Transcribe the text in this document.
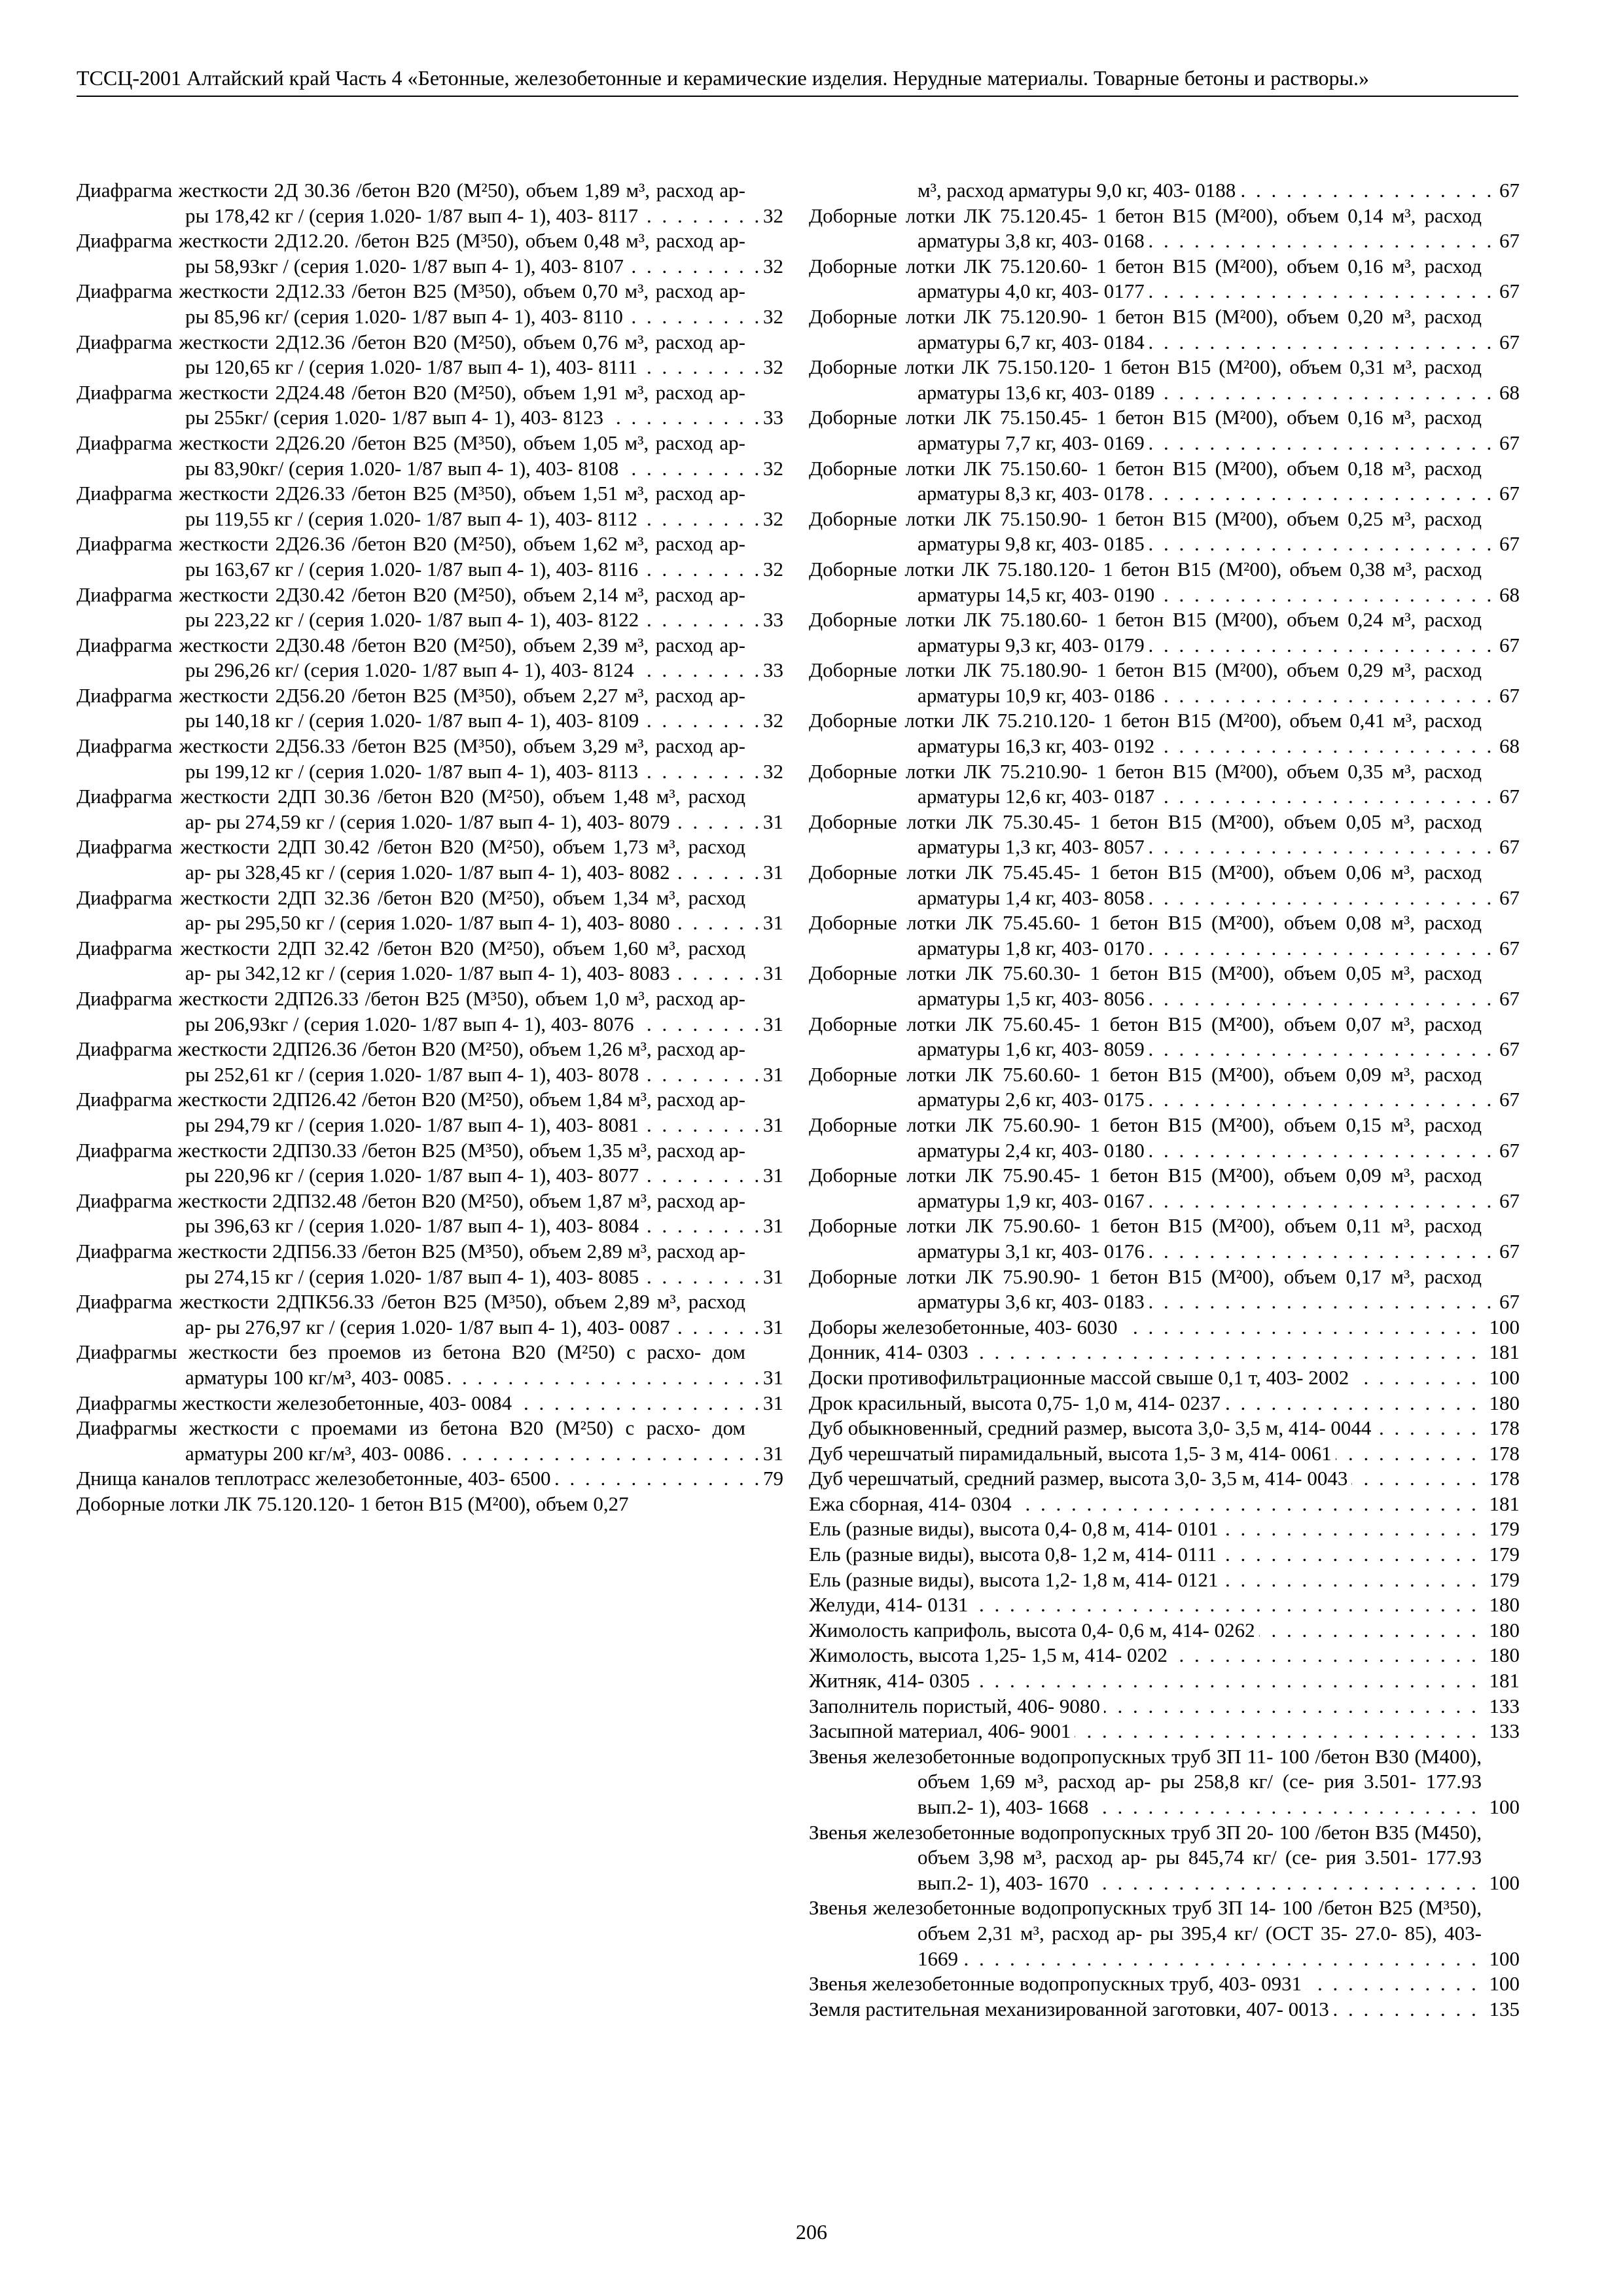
ТССЦ-2001 Алтайский край Часть 4 «Бетонные, железобетонные и керамические изделия. Нерудные материалы. Товарные бетоны и растворы.»
Диафрагма жесткости 2Д 30.36 /бетон В20 (М²50), объем 1,89 м³, расход ар- ры 178,42 кг / (серия 1.020- 1/87 вып 4- 1), 403- 8117 . . .	32
Диафрагма жесткости 2Д12.20. /бетон В25 (М³50), объем 0,48 м³, расход ар- ры 58,93кг / (серия 1.020- 1/87 вып 4- 1), 403- 8107 . . .	32
Диафрагма жесткости 2Д12.33 /бетон В25 (М³50), объем 0,70 м³, расход ар- ры 85,96 кг/ (серия 1.020- 1/87 вып 4- 1), 403- 8110 . . .	32
Диафрагма жесткости 2Д12.36 /бетон В20 (М²50), объем 0,76 м³, расход ар- ры 120,65 кг / (серия 1.020- 1/87 вып 4- 1), 403- 8111 . . .	32
Диафрагма жесткости 2Д24.48 /бетон В20 (М²50), объем 1,91 м³, расход ар- ры 255кг/ (серия 1.020- 1/87 вып 4- 1), 403- 8123 . . .	33
Диафрагма жесткости 2Д26.20 /бетон В25 (М³50), объем 1,05 м³, расход ар- ры 83,90кг/ (серия 1.020- 1/87 вып 4- 1), 403- 8108 . . .	32
Диафрагма жесткости 2Д26.33 /бетон В25 (М³50), объем 1,51 м³, расход ар- ры 119,55 кг / (серия 1.020- 1/87 вып 4- 1), 403- 8112 . . .	32
Диафрагма жесткости 2Д26.36 /бетон В20 (М²50), объем 1,62 м³, расход ар- ры 163,67 кг / (серия 1.020- 1/87 вып 4- 1), 403- 8116 . . .	32
Диафрагма жесткости 2Д30.42 /бетон В20 (М²50), объем 2,14 м³, расход ар- ры 223,22 кг / (серия 1.020- 1/87 вып 4- 1), 403- 8122 . . .	33
Диафрагма жесткости 2Д30.48 /бетон В20 (М²50), объем 2,39 м³, расход ар- ры 296,26 кг/ (серия 1.020- 1/87 вып 4- 1), 403- 8124 . . .	33
Диафрагма жесткости 2Д56.20 /бетон В25 (М³50), объем 2,27 м³, расход ар- ры 140,18 кг / (серия 1.020- 1/87 вып 4- 1), 403- 8109 . . .	32
Диафрагма жесткости 2Д56.33 /бетон В25 (М³50), объем 3,29 м³, расход ар- ры 199,12 кг / (серия 1.020- 1/87 вып 4- 1), 403- 8113 . . .	32
Диафрагма жесткости 2ДП 30.36 /бетон В20 (М²50), объем 1,48 м³, расход ар- ры 274,59 кг / (серия 1.020- 1/87 вып 4- 1), 403- 8079 . . .	31
Диафрагма жесткости 2ДП 30.42 /бетон В20 (М²50), объем 1,73 м³, расход ар- ры 328,45 кг / (серия 1.020- 1/87 вып 4- 1), 403- 8082 . . .	31
Диафрагма жесткости 2ДП 32.36 /бетон В20 (М²50), объем 1,34 м³, расход ар- ры 295,50 кг / (серия 1.020- 1/87 вып 4- 1), 403- 8080 . . .	31
Диафрагма жесткости 2ДП 32.42 /бетон В20 (М²50), объем 1,60 м³, расход ар- ры 342,12 кг / (серия 1.020- 1/87 вып 4- 1), 403- 8083 . . .	31
Диафрагма жесткости 2ДП26.33 /бетон В25 (М³50), объем 1,0 м³, расход ар- ры 206,93кг / (серия 1.020- 1/87 вып 4- 1), 403- 8076 . . .	31
Диафрагма жесткости 2ДП26.36 /бетон В20 (М²50), объем 1,26 м³, расход ар- ры 252,61 кг / (серия 1.020- 1/87 вып 4- 1), 403- 8078 . . .	31
Диафрагма жесткости 2ДП26.42 /бетон В20 (М²50), объем 1,84 м³, расход ар- ры 294,79 кг / (серия 1.020- 1/87 вып 4- 1), 403- 8081 . . .	31
Диафрагма жесткости 2ДП30.33 /бетон В25 (М³50), объем 1,35 м³, расход ар- ры 220,96 кг / (серия 1.020- 1/87 вып 4- 1), 403- 8077 . . .	31
Диафрагма жесткости 2ДП32.48 /бетон В20 (М²50), объем 1,87 м³, расход ар- ры 396,63 кг / (серия 1.020- 1/87 вып 4- 1), 403- 8084 . . .	31
Диафрагма жесткости 2ДП56.33 /бетон В25 (М³50), объем 2,89 м³, расход ар- ры 274,15 кг / (серия 1.020- 1/87 вып 4- 1), 403- 8085 . . .	31
Диафрагма жесткости 2ДПК56.33 /бетон В25 (М³50), объем 2,89 м³, расход ар- ры 276,97 кг / (серия 1.020- 1/87 вып 4- 1), 403- 0087 . . .	31
Диафрагмы жесткости без проемов из бетона В20 (М²50) с расхо- дом арматуры 100 кг/м³, 403- 0085 . . .	31
Диафрагмы жесткости железобетонные, 403- 0084 . . .	31
Диафрагмы жесткости с проемами из бетона В20 (М²50) с расхо- дом арматуры 200 кг/м³, 403- 0086 . . .	31
Днища каналов теплотрасс железобетонные, 403- 6500 . . .	79
Доборные лотки ЛК 75.120.120- 1 бетон В15 (М²00), объем 0,27
м³, расход арматуры 9,0 кг, 403- 0188 . . .	67
Доборные лотки ЛК 75.120.45- 1 бетон В15 (М²00), объем 0,14 м³, расход арматуры 3,8 кг, 403- 0168 . . .	67
Доборные лотки ЛК 75.120.60- 1 бетон В15 (М²00), объем 0,16 м³, расход арматуры 4,0 кг, 403- 0177 . . .	67
Доборные лотки ЛК 75.120.90- 1 бетон В15 (М²00), объем 0,20 м³, расход арматуры 6,7 кг, 403- 0184 . . .	67
Доборные лотки ЛК 75.150.120- 1 бетон В15 (М²00), объем 0,31 м³, расход арматуры 13,6 кг, 403- 0189 . . .	68
Доборные лотки ЛК 75.150.45- 1 бетон В15 (М²00), объем 0,16 м³, расход арматуры 7,7 кг, 403- 0169 . . .	67
Доборные лотки ЛК 75.150.60- 1 бетон В15 (М²00), объем 0,18 м³, расход арматуры 8,3 кг, 403- 0178 . . .	67
Доборные лотки ЛК 75.150.90- 1 бетон В15 (М²00), объем 0,25 м³, расход арматуры 9,8 кг, 403- 0185 . . .	67
Доборные лотки ЛК 75.180.120- 1 бетон В15 (М²00), объем 0,38 м³, расход арматуры 14,5 кг, 403- 0190 . . .	68
Доборные лотки ЛК 75.180.60- 1 бетон В15 (М²00), объем 0,24 м³, расход арматуры 9,3 кг, 403- 0179 . . .	67
Доборные лотки ЛК 75.180.90- 1 бетон В15 (М²00), объем 0,29 м³, расход арматуры 10,9 кг, 403- 0186 . . .	67
Доборные лотки ЛК 75.210.120- 1 бетон В15 (М²00), объем 0,41 м³, расход арматуры 16,3 кг, 403- 0192 . . .	68
Доборные лотки ЛК 75.210.90- 1 бетон В15 (М²00), объем 0,35 м³, расход арматуры 12,6 кг, 403- 0187 . . .	67
Доборные лотки ЛК 75.30.45- 1 бетон В15 (М²00), объем 0,05 м³, расход арматуры 1,3 кг, 403- 8057 . . .	67
Доборные лотки ЛК 75.45.45- 1 бетон В15 (М²00), объем 0,06 м³, расход арматуры 1,4 кг, 403- 8058 . . .	67
Доборные лотки ЛК 75.45.60- 1 бетон В15 (М²00), объем 0,08 м³, расход арматуры 1,8 кг, 403- 0170 . . .	67
Доборные лотки ЛК 75.60.30- 1 бетон В15 (М²00), объем 0,05 м³, расход арматуры 1,5 кг, 403- 8056 . . .	67
Доборные лотки ЛК 75.60.45- 1 бетон В15 (М²00), объем 0,07 м³, расход арматуры 1,6 кг, 403- 8059 . . .	67
Доборные лотки ЛК 75.60.60- 1 бетон В15 (М²00), объем 0,09 м³, расход арматуры 2,6 кг, 403- 0175 . . .	67
Доборные лотки ЛК 75.60.90- 1 бетон В15 (М²00), объем 0,15 м³, расход арматуры 2,4 кг, 403- 0180 . . .	67
Доборные лотки ЛК 75.90.45- 1 бетон В15 (М²00), объем 0,09 м³, расход арматуры 1,9 кг, 403- 0167 . . .	67
Доборные лотки ЛК 75.90.60- 1 бетон В15 (М²00), объем 0,11 м³, расход арматуры 3,1 кг, 403- 0176 . . .	67
Доборные лотки ЛК 75.90.90- 1 бетон В15 (М²00), объем 0,17 м³, расход арматуры 3,6 кг, 403- 0183 . . .	67
Доборы железобетонные, 403- 6030 . . .	100
Донник, 414- 0303 . . .	181
Доски противофильтрационные массой свыше 0,1 т, 403- 2002 . . .	100
Дрок красильный, высота 0,75- 1,0 м, 414- 0237 . . .	180
Дуб обыкновенный, средний размер, высота 3,0- 3,5 м, 414- 0044 . . .	178
Дуб черешчатый пирамидальный, высота 1,5- 3 м, 414- 0061 . . .	178
Дуб черешчатый, средний размер, высота 3,0- 3,5 м, 414- 0043 . . .	178
Ежа сборная, 414- 0304 . . .	181
Ель (разные виды), высота 0,4- 0,8 м, 414- 0101 . . .	179
Ель (разные виды), высота 0,8- 1,2 м, 414- 0111 . . .	179
Ель (разные виды), высота 1,2- 1,8 м, 414- 0121 . . .	179
Желуди, 414- 0131 . . .	180
Жимолость каприфоль, высота 0,4- 0,6 м, 414- 0262 . . .	180
Жимолость, высота 1,25- 1,5 м, 414- 0202 . . .	180
Житняк, 414- 0305 . . .	181
Заполнитель пористый, 406- 9080 . . .	133
Засыпной материал, 406- 9001 . . .	133
Звенья железобетонные водопропускных труб ЗП 11- 100 /бетон В30 (М400), объем 1,69 м³, расход ар- ры 258,8 кг/ (се- рия 3.501- 177.93 вып.2- 1), 403- 1668 . . .	100
Звенья железобетонные водопропускных труб ЗП 20- 100 /бетон В35 (М450), объем 3,98 м³, расход ар- ры 845,74 кг/ (се- рия 3.501- 177.93 вып.2- 1), 403- 1670 . . .	100
Звенья железобетонные водопропускных труб ЗП 14- 100 /бетон В25 (М³50), объем 2,31 м³, расход ар- ры 395,4 кг/ (ОСТ 35- 27.0- 85), 403- 1669 . . .	100
Звенья железобетонные водопропускных труб, 403- 0931 . . .	100
Земля растительная механизированной заготовки, 407- 0013 . . .	135
206
